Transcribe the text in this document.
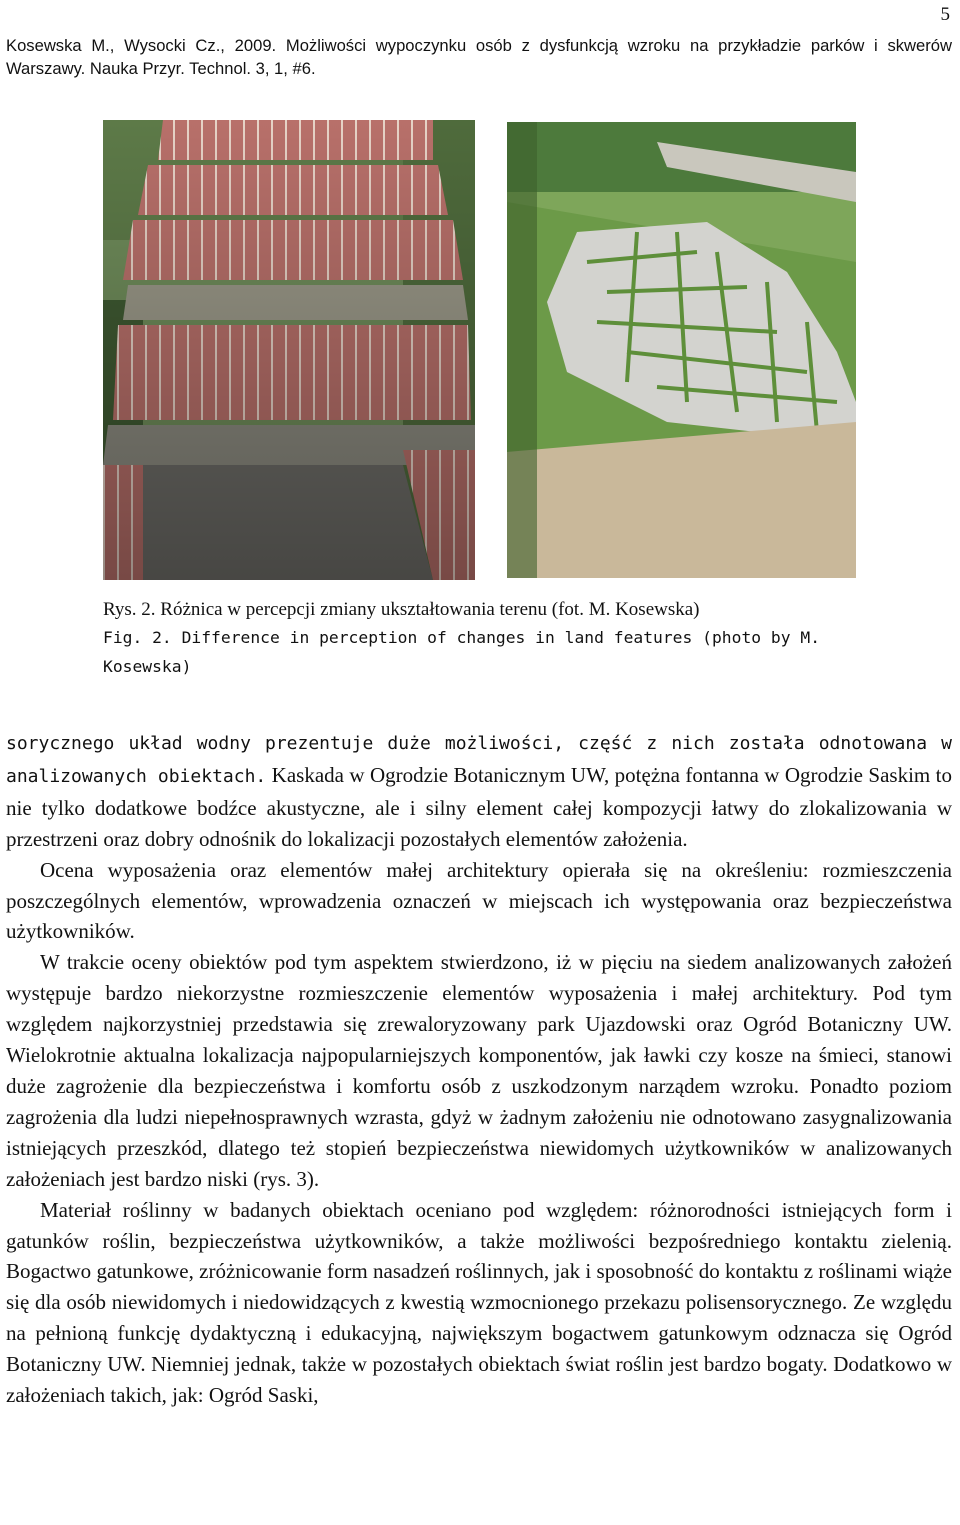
5
Kosewska M., Wysocki Cz., 2009. Możliwości wypoczynku osób z dysfunkcją wzroku na przykładzie parków i skwerów Warszawy. Nauka Przyr. Technol. 3, 1, #6.
Rys. 2. Różnica w percepcji zmiany ukształtowania terenu (fot. M. Kosewska)
Fig. 2. Difference in perception of changes in land features (photo by M. Kosewska)

sorycznego układ wodny prezentuje duże możliwości, część z nich została odnotowana w analizowanych obiektach. Kaskada w Ogrodzie Botanicznym UW, potężna fontanna w Ogrodzie Saskim to nie tylko dodatkowe bodźce akustyczne, ale i silny element całej kompozycji łatwy do zlokalizowania w przestrzeni oraz dobry odnośnik do lokalizacji pozostałych elementów założenia.

Ocena wyposażenia oraz elementów małej architektury opierała się na określeniu: rozmieszczenia poszczególnych elementów, wprowadzenia oznaczeń w miejscach ich występowania oraz bezpieczeństwa użytkowników.

W trakcie oceny obiektów pod tym aspektem stwierdzono, iż w pięciu na siedem analizowanych założeń występuje bardzo niekorzystne rozmieszczenie elementów wyposażenia i małej architektury. Pod tym względem najkorzystniej przedstawia się zrewaloryzowany park Ujazdowski oraz Ogród Botaniczny UW. Wielokrotnie aktualna lokalizacja najpopularniejszych komponentów, jak ławki czy kosze na śmieci, stanowi duże zagrożenie dla bezpieczeństwa i komfortu osób z uszkodzonym narządem wzroku. Ponadto poziom zagrożenia dla ludzi niepełnosprawnych wzrasta, gdyż w żadnym założeniu nie odnotowano zasygnalizowania istniejących przeszkód, dlatego też stopień bezpieczeństwa niewidomych użytkowników w analizowanych założeniach jest bardzo niski (rys. 3).

Materiał roślinny w badanych obiektach oceniano pod względem: różnorodności istniejących form i gatunków roślin, bezpieczeństwa użytkowników, a także możliwości bezpośredniego kontaktu zielenią. Bogactwo gatunkowe, zróżnicowanie form nasadzeń roślinnych, jak i sposobność do kontaktu z roślinami wiąże się dla osób niewidomych i niedowidzących z kwestią wzmocnionego przekazu polisensorycznego. Ze względu na pełnioną funkcję dydaktyczną i edukacyjną, największym bogactwem gatunkowym odznacza się Ogród Botaniczny UW. Niemniej jednak, także w pozostałych obiektach świat roślin jest bardzo bogaty. Dodatkowo w założeniach takich, jak: Ogród Saski,
